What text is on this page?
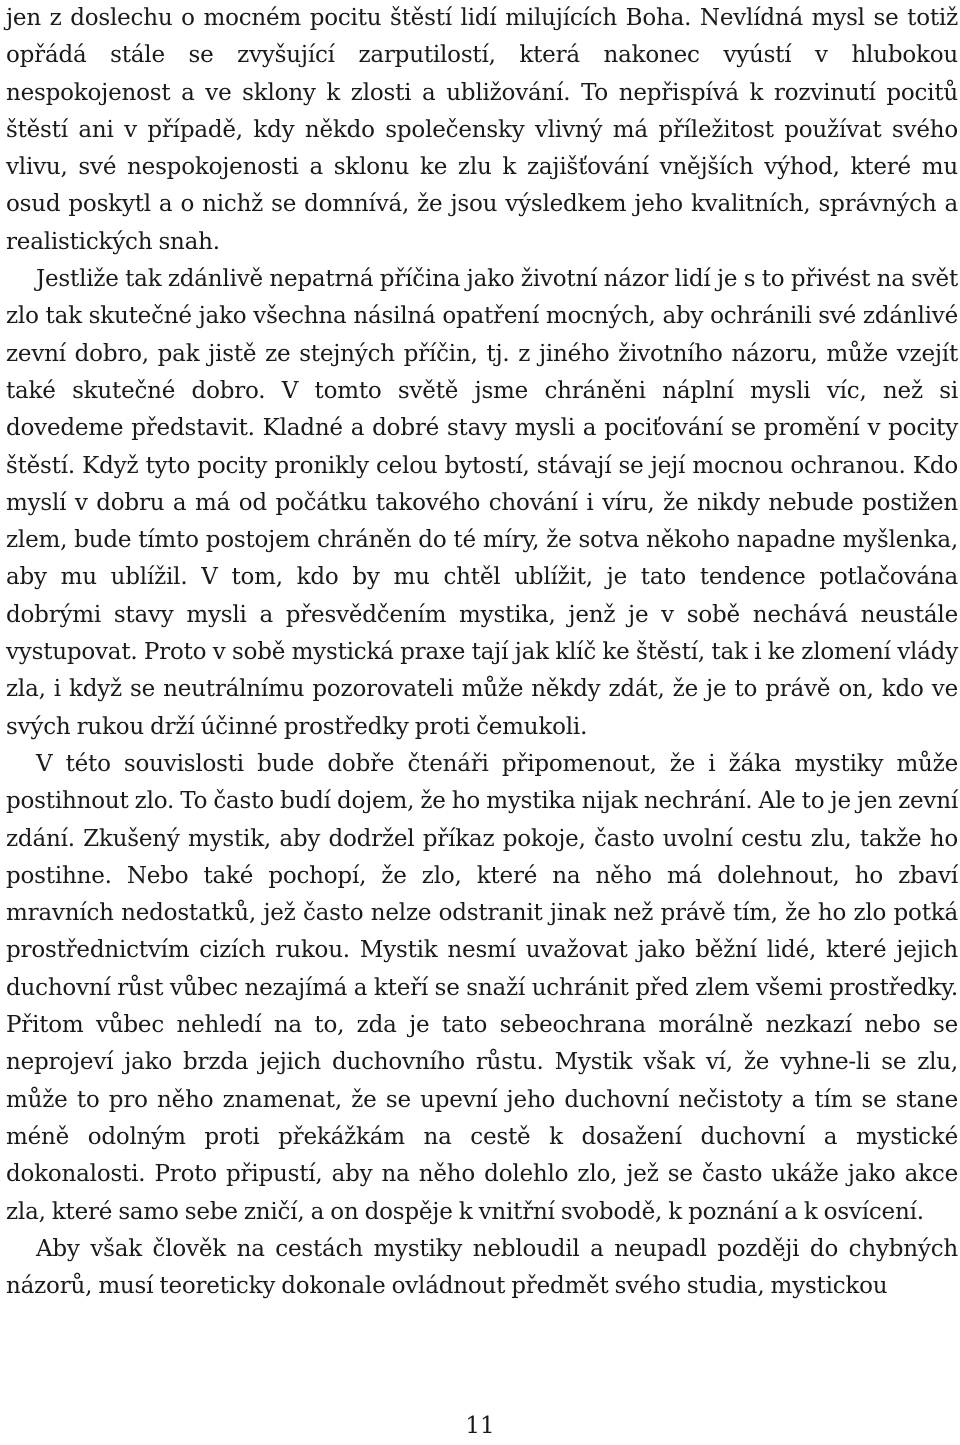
jen z doslechu o mocném pocitu štěstí lidí milujících Boha. Nevlídná mysl se totiž opřádá stále se zvyšující zarputilostí, která nakonec vyústí v hlubokou nespokojenost a ve sklony k zlosti a ubližování. To nepřispívá k rozvinutí pocitů štěstí ani v případě, kdy někdo společensky vlivný má příležitost používat svého vlivu, své nespokojenosti a sklonu ke zlu k zajišťování vnějších výhod, které mu osud poskytl a o nichž se domnívá, že jsou výsledkem jeho kvalitních, správných a realistických snah.

Jestliže tak zdánlivě nepatrná příčina jako životní názor lidí je s to přivést na svět zlo tak skutečné jako všechna násilná opatření mocných, aby ochránili své zdánlivé zevní dobro, pak jistě ze stejných příčin, tj. z jiného životního názoru, může vzejít také skutečné dobro. V tomto světě jsme chráněni náplní mysli víc, než si dovedeme představit. Kladné a dobré stavy mysli a pociťování se promění v pocity štěstí. Když tyto pocity pronikly celou bytostí, stávají se její mocnou ochranou. Kdo myslí v dobru a má od počátku takového chování i víru, že nikdy nebude postižen zlem, bude tímto postojem chráněn do té míry, že sotva někoho napadne myšlenka, aby mu ublížil. V tom, kdo by mu chtěl ublížit, je tato tendence potlačována dobrými stavy mysli a přesvědčením mystika, jenž je v sobě nechává neustále vystupovat. Proto v sobě mystická praxe tají jak klíč ke štěstí, tak i ke zlomení vlády zla, i když se neutrálnímu pozorovateli může někdy zdát, že je to právě on, kdo ve svých rukou drží účinné prostředky proti čemukoli.

V této souvislosti bude dobře čtenáři připomenout, že i žáka mystiky může postihnout zlo. To často budí dojem, že ho mystika nijak nechrání. Ale to je jen zevní zdání. Zkušený mystik, aby dodržel příkaz pokoje, často uvolní cestu zlu, takže ho postihne. Nebo také pochopí, že zlo, které na něho má dolehnout, ho zbaví mravních nedostatků, jež často nelze odstranit jinak než právě tím, že ho zlo potká prostřednictvím cizích rukou. Mystik nesmí uvažovat jako běžní lidé, které jejich duchovní růst vůbec nezajímá a kteří se snaží uchránit před zlem všemi prostředky. Přitom vůbec nehledí na to, zda je tato sebeochrana morálně nezkazí nebo se neprojeví jako brzda jejich duchovního růstu. Mystik však ví, že vyhne-li se zlu, může to pro něho znamenat, že se upevní jeho duchovní nečistoty a tím se stane méně odolným proti překážkám na cestě k dosažení duchovní a mystické dokonalosti. Proto připustí, aby na něho dolehlo zlo, jež se často ukáže jako akce zla, které samo sebe zničí, a on dospěje k vnitřní svobodě, k poznání a k osvícení.

Aby však člověk na cestách mystiky nebloudil a neupadl později do chybných názorů, musí teoreticky dokonale ovládnout předmět svého studia, mystickou

11
